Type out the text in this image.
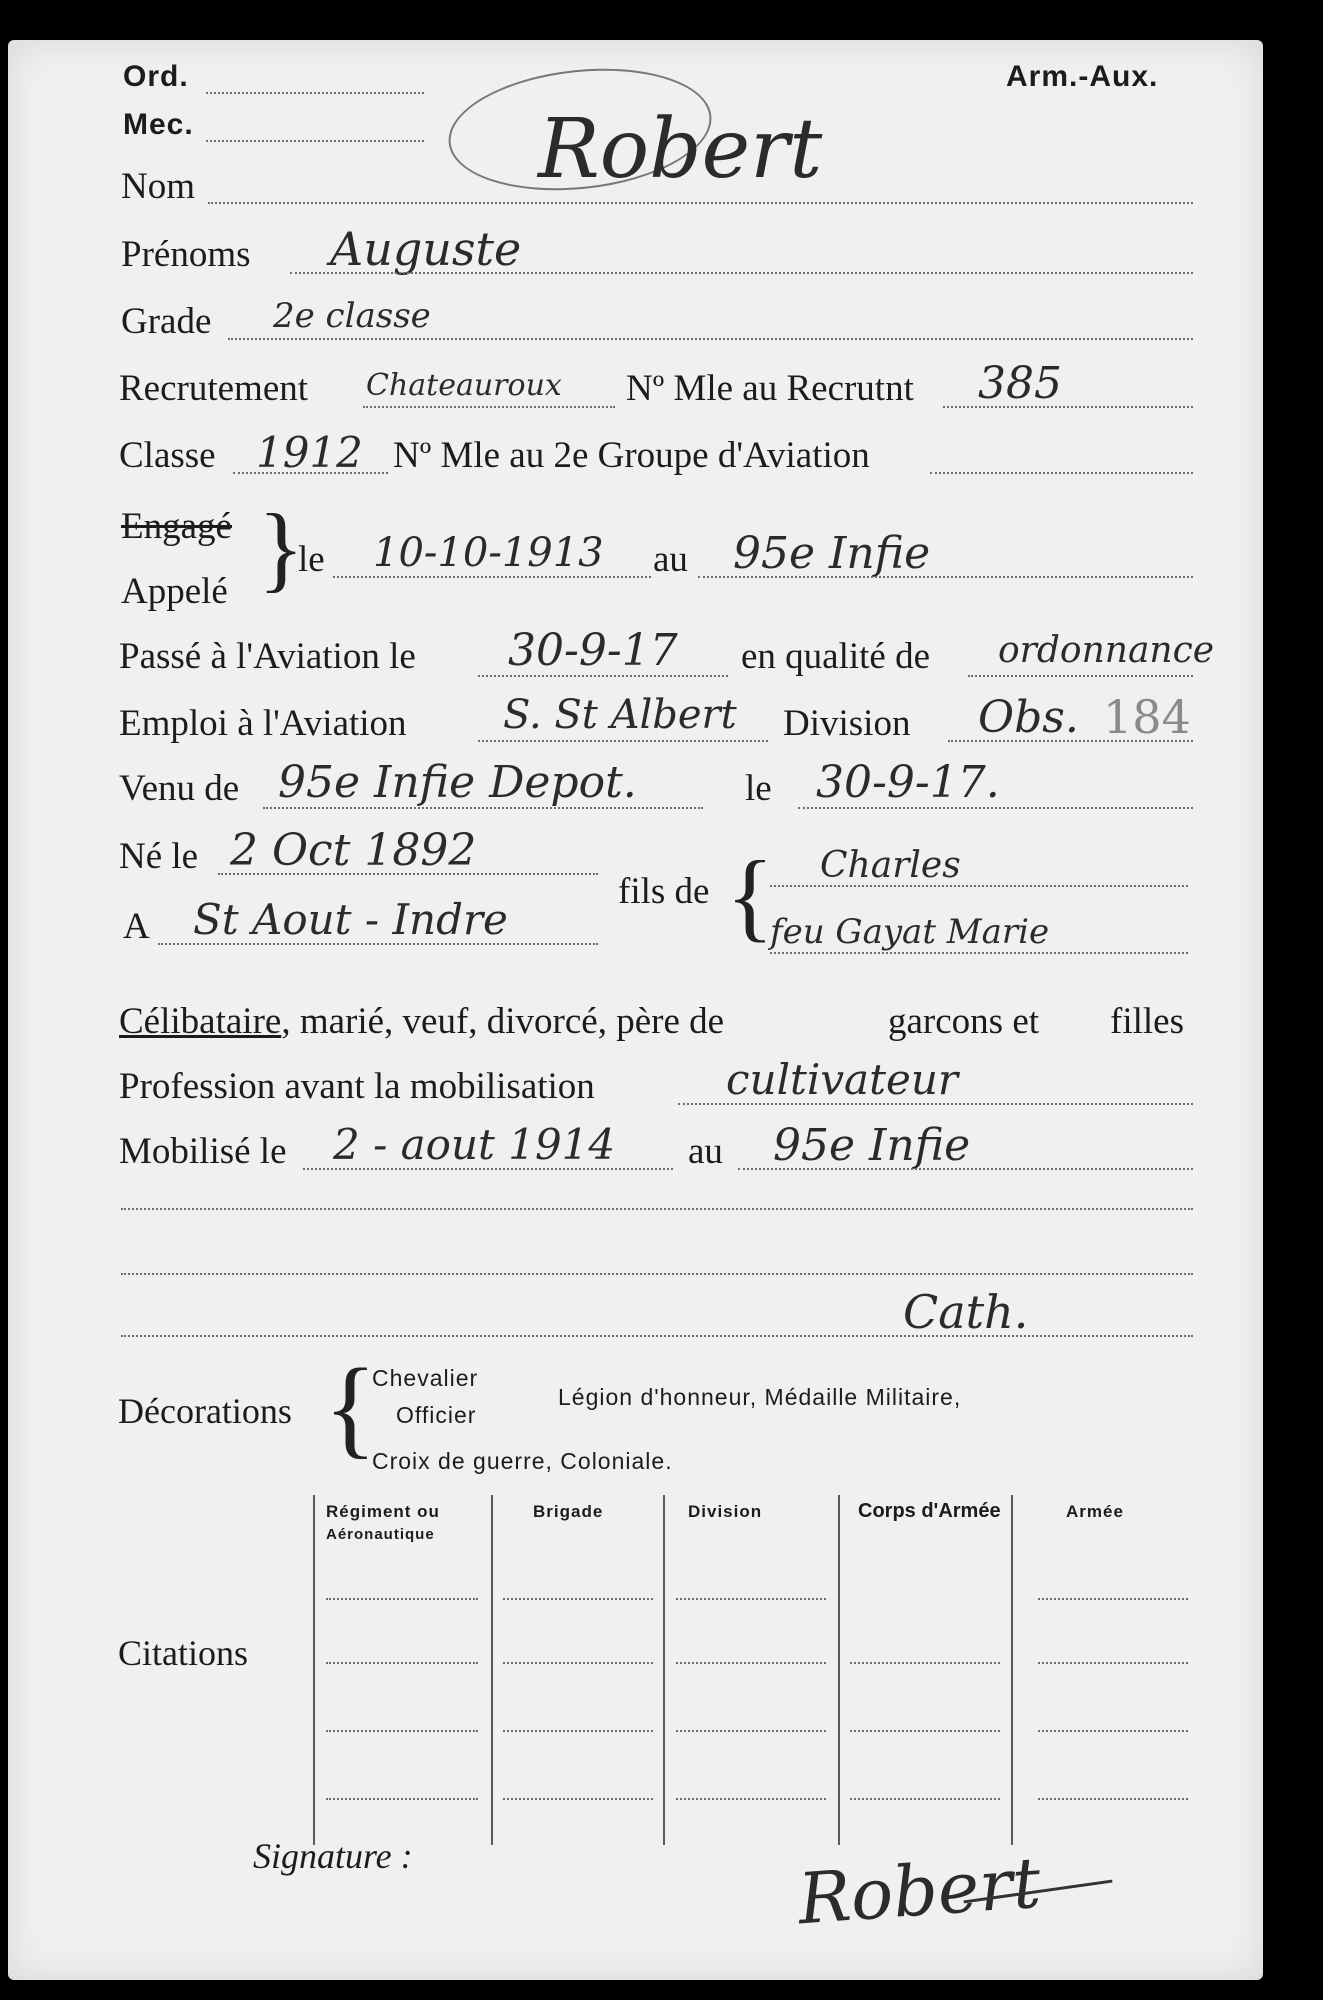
Ord.
Mec.
Arm.-Aux.
Robert
Nom
Prénoms Auguste
Grade 2e classe
Recrutement Chateauroux Nº Mle au Recrutnt 385
Classe 1912 Nº Mle au 2e Groupe d'Aviation
Engagé
Appelé }
le 10-10-1913 au 95e Infie
Passé à l'Aviation le 30-9-17 en qualité de ordonnance
Emploi à l'Aviation S. St Albert Division Obs. 184
Venu de 95e Infie Depot.	le 30-9-17.
Né le 2 Oct 1892
A St Aout - Indre
fils de { Charles
feu Gayat Marie
Célibataire, marié, veuf, divorcé, père de	garcons et filles
Profession avant la mobilisation	cultivateur
Mobilisé le 2 - aout 1914 au 95e Infie
Cath.
Décorations {
Chevalier
Officier
Légion d'honneur, Médaille Militaire,
Croix de guerre, Coloniale.
Citations
Régiment ou
Aéronautique
Brigade	Division	Corps d'Armée	Armée
Signature :	Robert
